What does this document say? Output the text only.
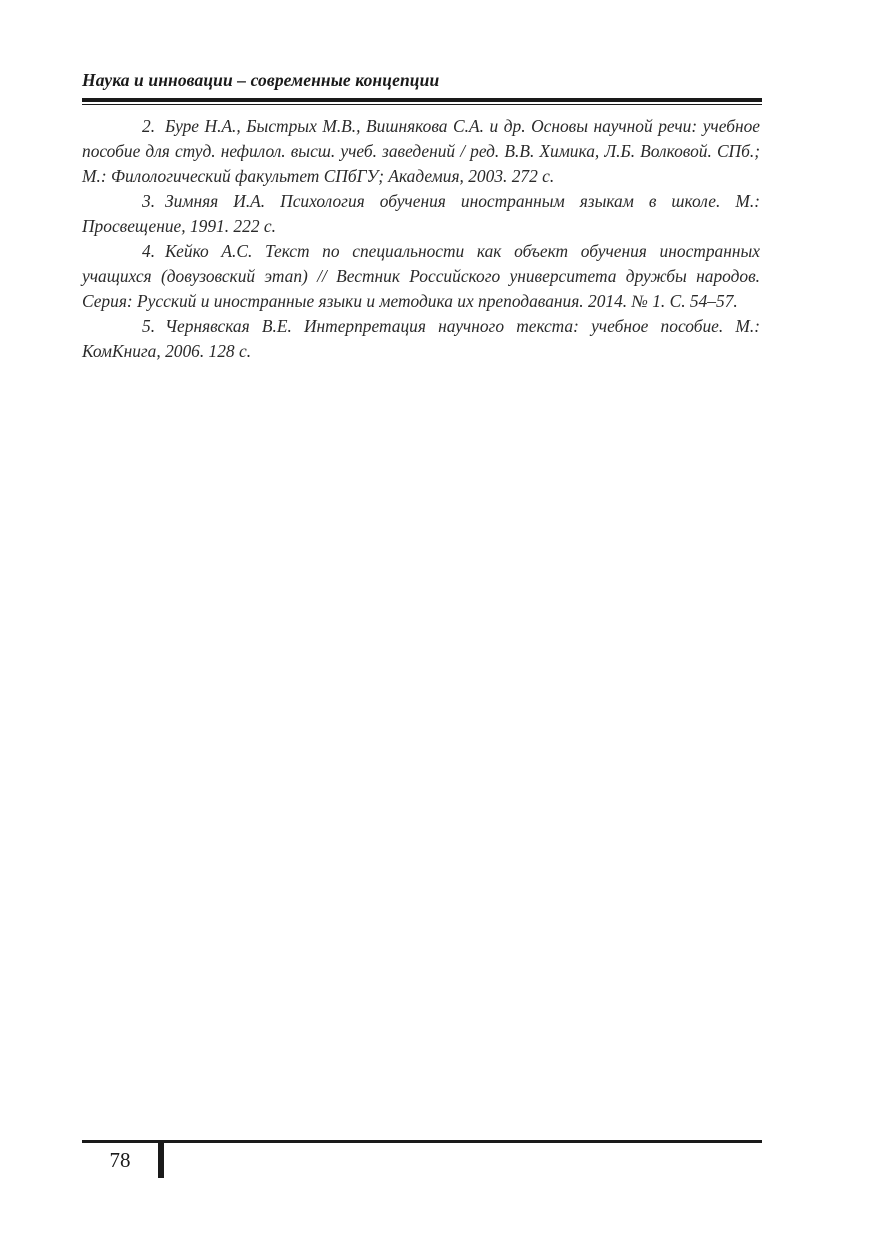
Наука и инновации – современные концепции

2. Буре Н.А., Быстрых М.В., Вишнякова С.А. и др. Основы научной речи: учебное пособие для студ. нефилол. высш. учеб. заведений / ред. В.В. Химика, Л.Б. Волковой. СПб.; М.: Филологический факультет СПбГУ; Академия, 2003. 272 с.

3. Зимняя И.А. Психология обучения иностранным языкам в школе. М.: Просвещение, 1991. 222 с.

4. Кейко А.С. Текст по специальности как объект обучения иностранных учащихся (довузовский этап) // Вестник Российского университета дружбы народов. Серия: Русский и иностранные языки и методика их преподавания. 2014. № 1. С. 54–57.

5. Чернявская В.Е. Интерпретация научного текста: учебное пособие. М.: КомКнига, 2006. 128 с.

78
